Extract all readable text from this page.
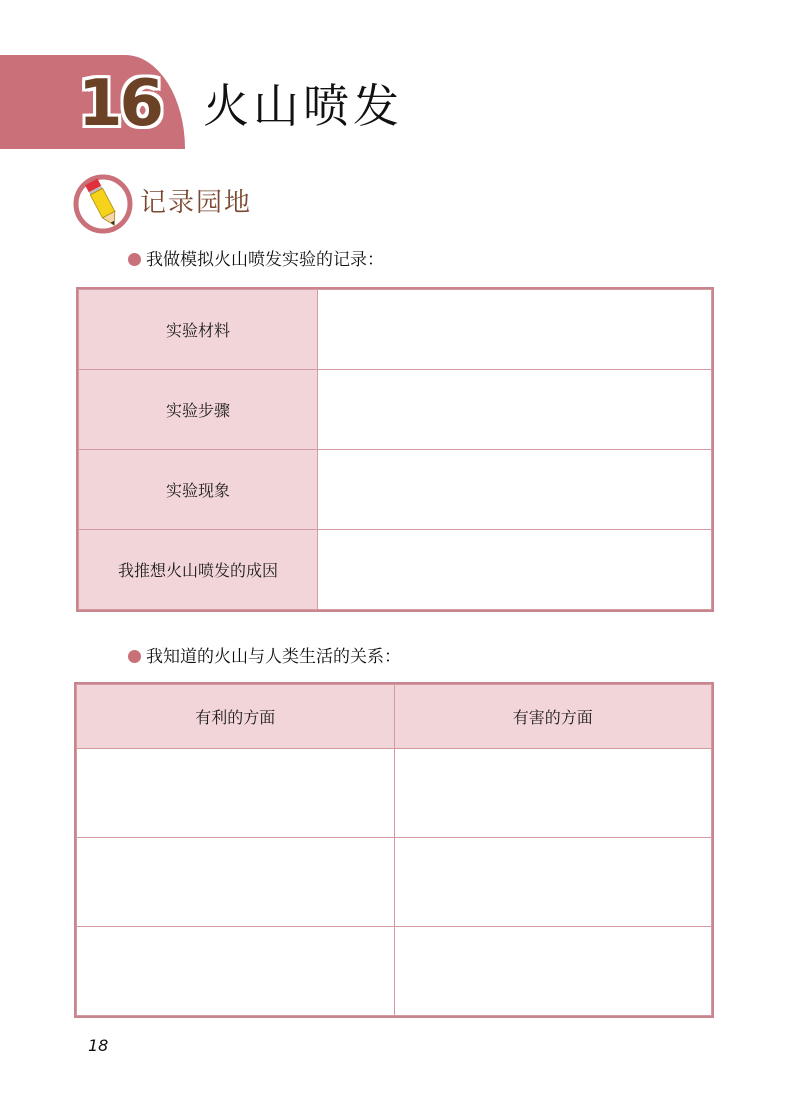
16 火山喷发
记录园地
我做模拟火山喷发实验的记录：
实验材料	
实验步骤	
实验现象	
我推想火山喷发的成因	
我知道的火山与人类生活的关系：
有利的方面	有害的方面

18
